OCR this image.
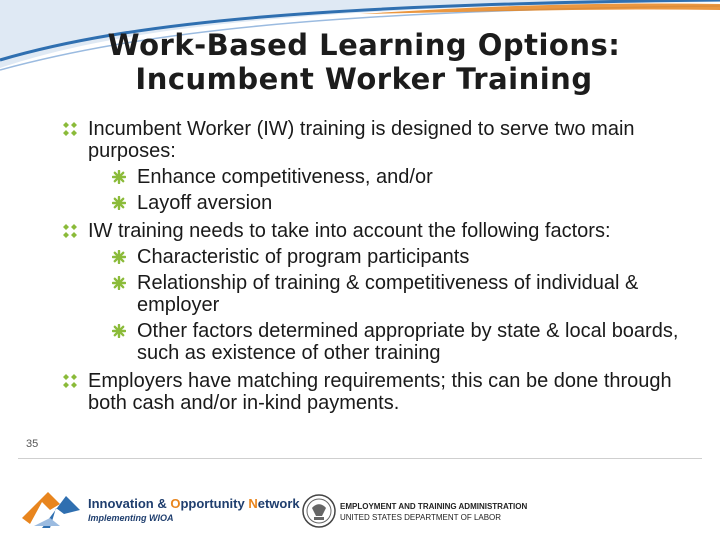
Work-Based Learning Options:
Incumbent Worker Training
Incumbent Worker (IW) training is designed to serve two main purposes:
Enhance competitiveness, and/or
Layoff aversion
IW training needs to take into account the following factors:
Characteristic of program participants
Relationship of training & competitiveness of individual & employer
Other factors determined appropriate by state & local boards, such as existence of other training
Employers have matching requirements; this can be done through both cash and/or in-kind payments.
35
Innovation & Opportunity Network
Implementing WIOA
EMPLOYMENT AND TRAINING ADMINISTRATION
UNITED STATES DEPARTMENT OF LABOR
